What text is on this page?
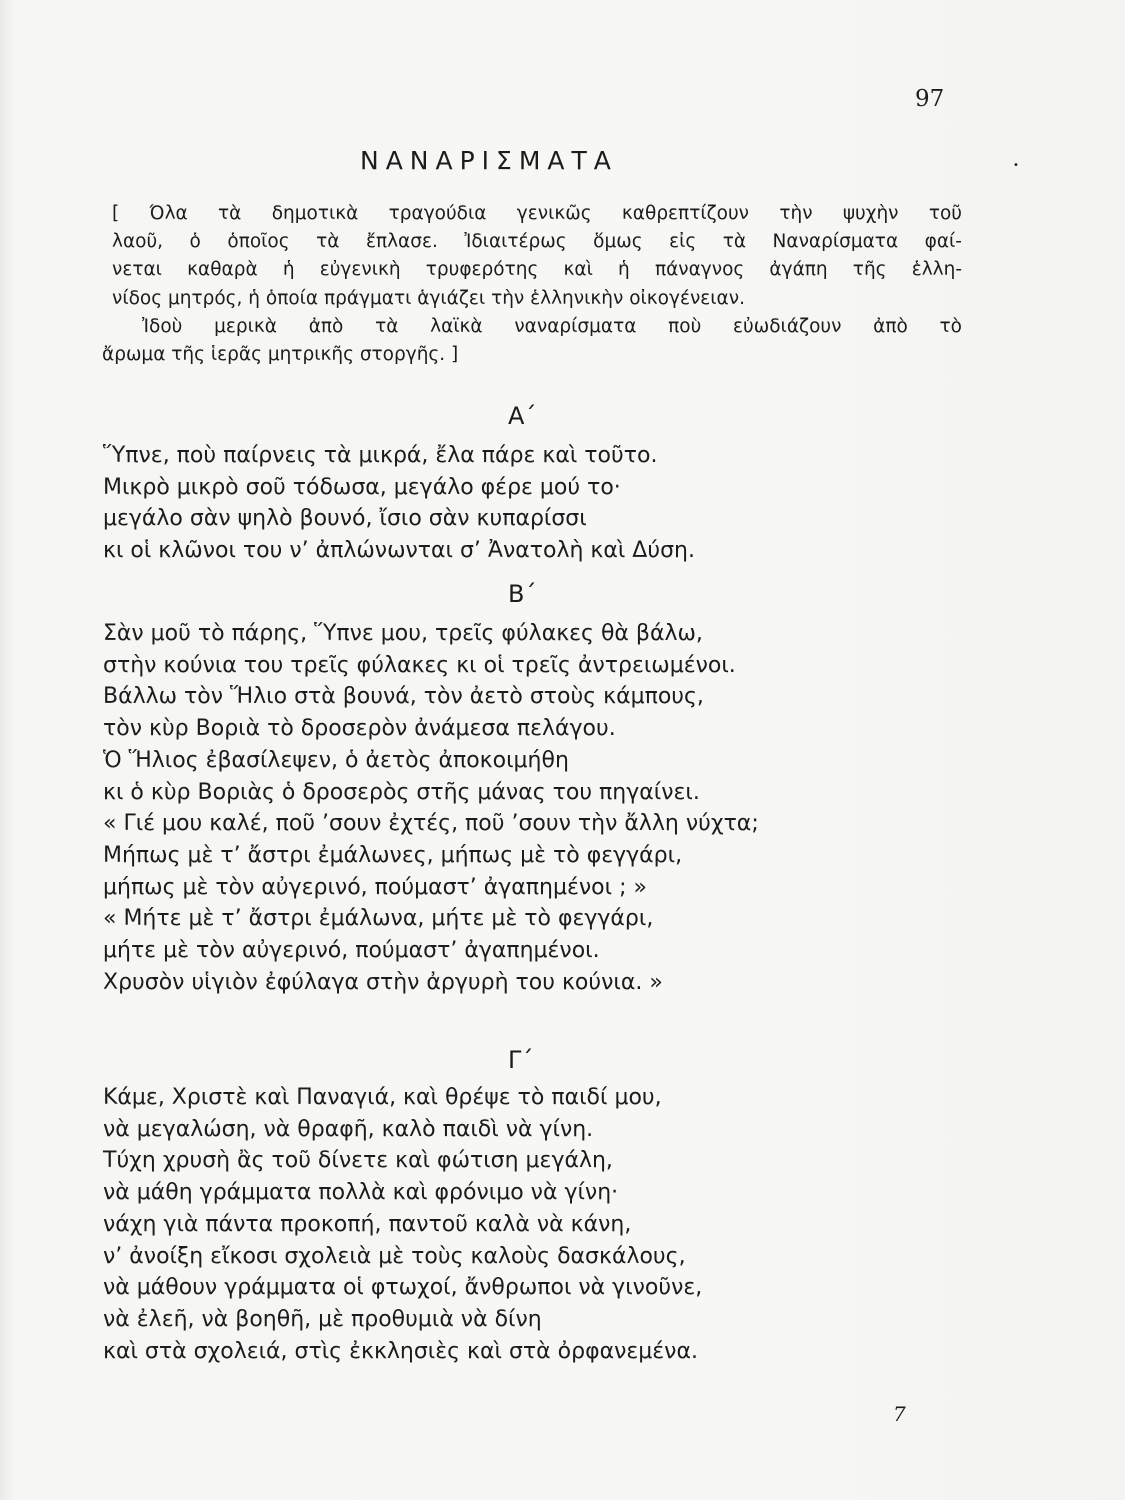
97
ΝΑΝΑΡΙΣΜΑΤΑ	•

[ Όλα τὰ δημοτικὰ τραγούδια γενικῶς καθρεπτίζουν τὴν ψυχὴν τοῦ
λαοῦ, ὁ ὁποῖος τὰ ἔπλασε. Ἰδιαιτέρως ὅμως εἰς τὰ Ναναρίσματα φαί-
νεται καθαρὰ ἡ εὐγενικὴ τρυφερότης καὶ ἡ πάναγνος ἀγάπη τῆς ἑλλη-
νίδος μητρός, ἡ ὁποία πράγματι ἁγιάζει τὴν ἑλληνικὴν οἰκογένειαν.

Ἰδοὺ μερικὰ ἀπὸ τὰ λαϊκὰ ναναρίσματα ποὺ εὐωδιάζουν ἀπὸ τὸ
ἄρωμα τῆς ἱερᾶς μητρικῆς στοργῆς. ]

Α΄
Ὕπνε, ποὺ παίρνεις τὰ μικρά, ἔλα πάρε καὶ τοῦτο.
Μικρὸ μικρὸ σοῦ τόδωσα, μεγάλο φέρε μού το·
μεγάλο σὰν ψηλὸ βουνό, ἴσιο σὰν κυπαρίσσι
κι οἱ κλῶνοι του ν’ ἀπλώνωνται σ’ Ἀνατολὴ καὶ Δύση.
Β΄
Σὰν μοῦ τὸ πάρης, Ὕπνε μου, τρεῖς φύλακες θὰ βάλω,
στὴν κούνια του τρεῖς φύλακες κι οἱ τρεῖς ἀντρειωμένοι.
Βάλλω τὸν Ἥλιο στὰ βουνά, τὸν ἀετὸ στοὺς κάμπους,
τὸν κὺρ Βοριὰ τὸ δροσερὸν ἀνάμεσα πελάγου.
Ὁ Ἥλιος ἐβασίλεψεν, ὁ ἀετὸς ἀποκοιμήθη
κι ὁ κὺρ Βοριὰς ὁ δροσερὸς στῆς μάνας του πηγαίνει.
« Γιέ μου καλέ, ποῦ ’σουν ἐχτές, ποῦ ’σουν τὴν ἄλλη νύχτα;
Μήπως μὲ τ’ ἄστρι ἐμάλωνες, μήπως μὲ τὸ φεγγάρι,
μήπως μὲ τὸν αὐγερινό, πούμαστ’ ἀγαπημένοι ; »
« Μήτε μὲ τ’ ἄστρι ἐμάλωνα, μήτε μὲ τὸ φεγγάρι,
μήτε μὲ τὸν αὐγερινό, πούμαστ’ ἀγαπημένοι.
Χρυσὸν υἱγιὸν ἐφύλαγα στὴν ἀργυρὴ του κούνια. »
Γ΄
Κάμε, Χριστὲ καὶ Παναγιά, καὶ θρέψε τὸ παιδί μου,
νὰ μεγαλώση, νὰ θραφῆ, καλὸ παιδὶ νὰ γίνη.
Τύχη χρυσὴ ἂς τοῦ δίνετε καὶ φώτιση μεγάλη,
νὰ μάθη γράμματα πολλὰ καὶ φρόνιμο νὰ γίνη·
νάχη γιὰ πάντα προκοπή, παντοῦ καλὰ νὰ κάνη,
ν’ ἀνοίξη εἴκοσι σχολειὰ μὲ τοὺς καλοὺς δασκάλους,
νὰ μάθουν γράμματα οἱ φτωχοί, ἄνθρωποι νὰ γινοῦνε,
νὰ ἐλεῆ, νὰ βοηθῆ, μὲ προθυμιὰ νὰ δίνη
καὶ στὰ σχολειά, στὶς ἐκκλησιὲς καὶ στὰ ὀρφανεμένα.
7
